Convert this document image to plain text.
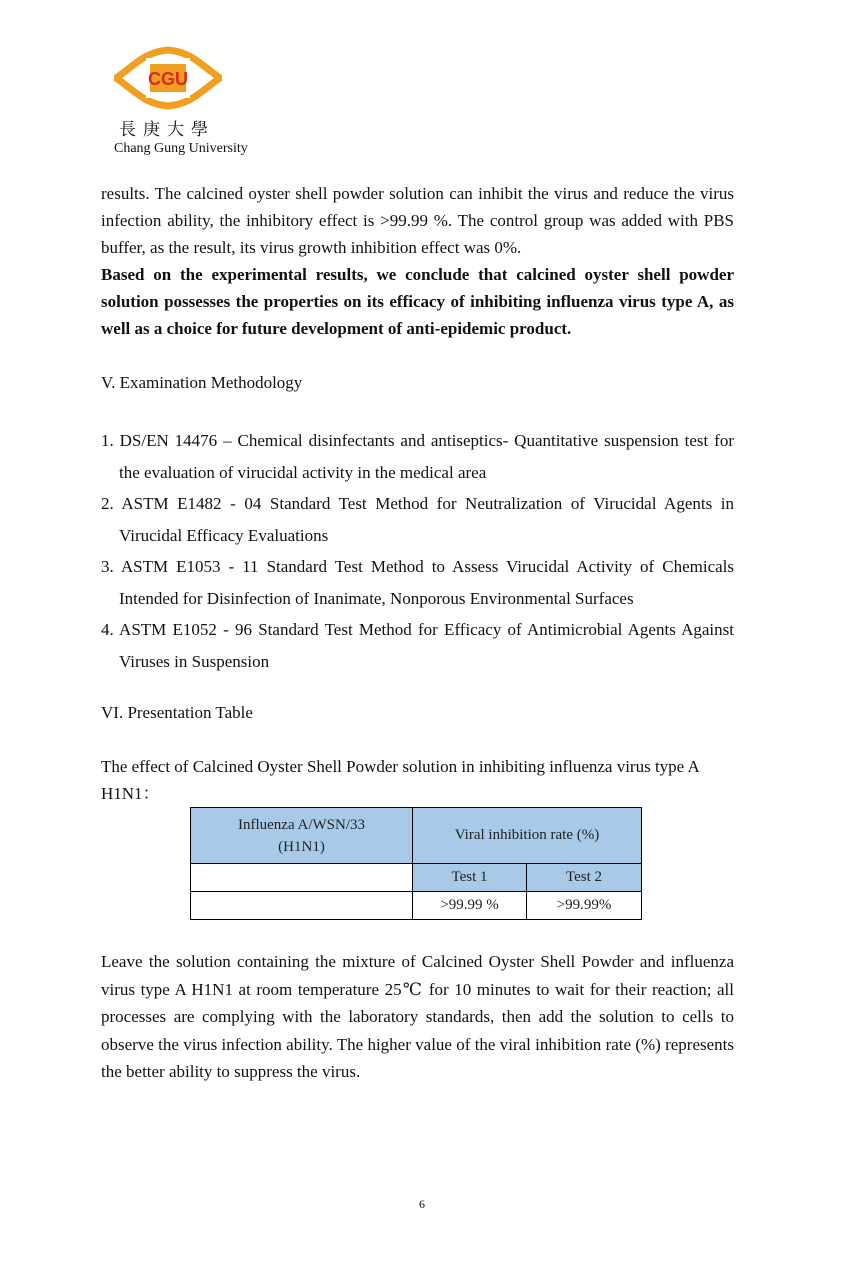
CGU
長庚大學
Chang Gung University

results. The calcined oyster shell powder solution can inhibit the virus and reduce the virus infection ability, the inhibitory effect is >99.99 %. The control group was added with PBS buffer, as the result, its virus growth inhibition effect was 0%.

Based on the experimental results, we conclude that calcined oyster shell powder solution possesses the properties on its efficacy of inhibiting influenza virus type A, as well as a choice for future development of anti-epidemic product.

V. Examination Methodology

1. DS/EN 14476 – Chemical disinfectants and antiseptics- Quantitative suspension test for the evaluation of virucidal activity in the medical area
2. ASTM E1482 - 04 Standard Test Method for Neutralization of Virucidal Agents in Virucidal Efficacy Evaluations
3. ASTM E1053 - 11 Standard Test Method to Assess Virucidal Activity of Chemicals Intended for Disinfection of Inanimate, Nonporous Environmental Surfaces
4. ASTM E1052 - 96 Standard Test Method for Efficacy of Antimicrobial Agents Against Viruses in Suspension

VI. Presentation Table

The effect of Calcined Oyster Shell Powder solution in inhibiting influenza virus type A H1N1：

Influenza A/WSN/33
(H1N1)	Viral inhibition rate (%)	
	Test 1	Test 2
	>99.99 %	>99.99%

Leave the solution containing the mixture of Calcined Oyster Shell Powder and influenza virus type A H1N1 at room temperature 25℃ for 10 minutes to wait for their reaction; all processes are complying with the laboratory standards, then add the solution to cells to observe the virus infection ability. The higher value of the viral inhibition rate (%) represents the better ability to suppress the virus.

6
